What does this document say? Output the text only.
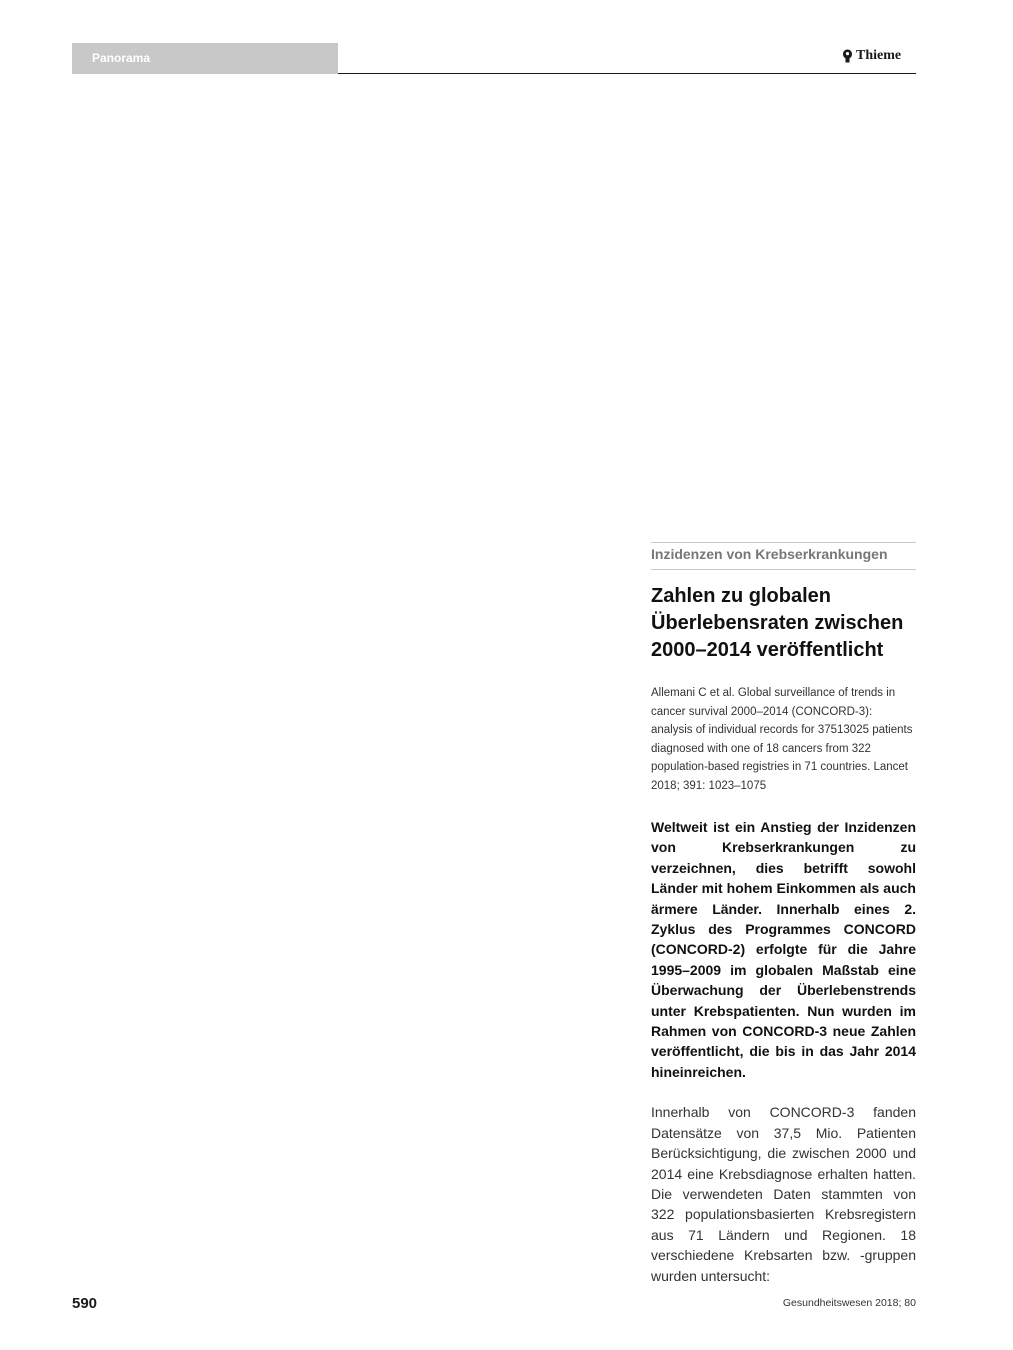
Panorama	Thieme
Inzidenzen von Krebserkrankungen
Zahlen zu globalen Überlebensraten zwischen 2000–2014 veröffentlicht
Allemani C et al. Global surveillance of trends in cancer survival 2000–2014 (CONCORD-3): analysis of individual records for 37513025 patients diagnosed with one of 18 cancers from 322 population-based registries in 71 countries. Lancet 2018; 391: 1023–1075
Weltweit ist ein Anstieg der Inzidenzen von Krebserkrankungen zu verzeichnen, dies betrifft sowohl Länder mit hohem Einkommen als auch ärmere Länder. Innerhalb eines 2. Zyklus des Programmes CONCORD (CONCORD-2) erfolgte für die Jahre 1995–2009 im globalen Maßstab eine Überwachung der Überlebenstrends unter Krebspatienten. Nun wurden im Rahmen von CONCORD-3 neue Zahlen veröffentlicht, die bis in das Jahr 2014 hineinreichen.
Innerhalb von CONCORD-3 fanden Datensätze von 37,5 Mio. Patienten Berücksichtigung, die zwischen 2000 und 2014 eine Krebsdiagnose erhalten hatten. Die verwendeten Daten stammten von 322 populationsbasierten Krebsregistern aus 71 Ländern und Regionen. 18 verschiedene Krebsarten bzw. -gruppen wurden untersucht:
590	Gesundheitswesen 2018; 80
